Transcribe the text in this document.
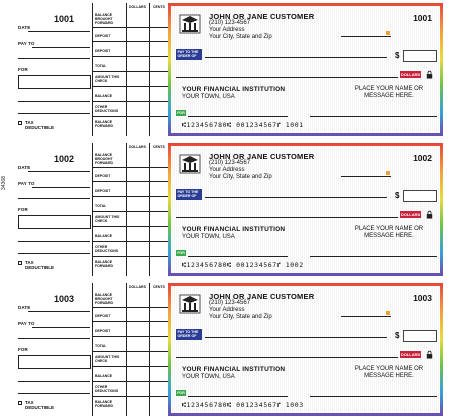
34368
1001
DATE
PAY TO
FOR
TAX
DEDUCTIBLE
DOLLARS CENTS
BALANCE BROUGHT FORWARD
DEPOSIT
DEPOSIT
TOTAL
AMOUNT THIS CHECK
BALANCE
OTHER DEDUCTIONS
BALANCE FORWARD
JOHN OR JANE CUSTOMER
(210) 123-4567
Your Address
Your City, State and Zip
1001
PAY TO THE
ORDER OF	$
DOLLARS
YOUR FINANCIAL INSTITUTION
YOUR TOWN, USA
PLACE YOUR NAME OR
MESSAGE HERE.
FOR
⑆123456780⑆ 001234567⑈ 1001
1002
DATE
PAY TO
FOR
TAX
DEDUCTIBLE
DOLLARS CENTS
BALANCE BROUGHT FORWARD
DEPOSIT
DEPOSIT
TOTAL
AMOUNT THIS CHECK
BALANCE
OTHER DEDUCTIONS
BALANCE FORWARD
JOHN OR JANE CUSTOMER
(210) 123-4567
Your Address
Your City, State and Zip
1002
PAY TO THE
ORDER OF	$
DOLLARS
YOUR FINANCIAL INSTITUTION
YOUR TOWN, USA
PLACE YOUR NAME OR
MESSAGE HERE.
FOR
⑆123456780⑆ 001234567⑈ 1002
1003
DATE
PAY TO
FOR
TAX
DEDUCTIBLE
DOLLARS CENTS
BALANCE BROUGHT FORWARD
DEPOSIT
DEPOSIT
TOTAL
AMOUNT THIS CHECK
BALANCE
OTHER DEDUCTIONS
BALANCE FORWARD
JOHN OR JANE CUSTOMER
(210) 123-4567
Your Address
Your City, State and Zip
1003
PAY TO THE
ORDER OF	$
DOLLARS
YOUR FINANCIAL INSTITUTION
YOUR TOWN, USA
PLACE YOUR NAME OR
MESSAGE HERE.
FOR
⑆123456780⑆ 001234567⑈ 1003
